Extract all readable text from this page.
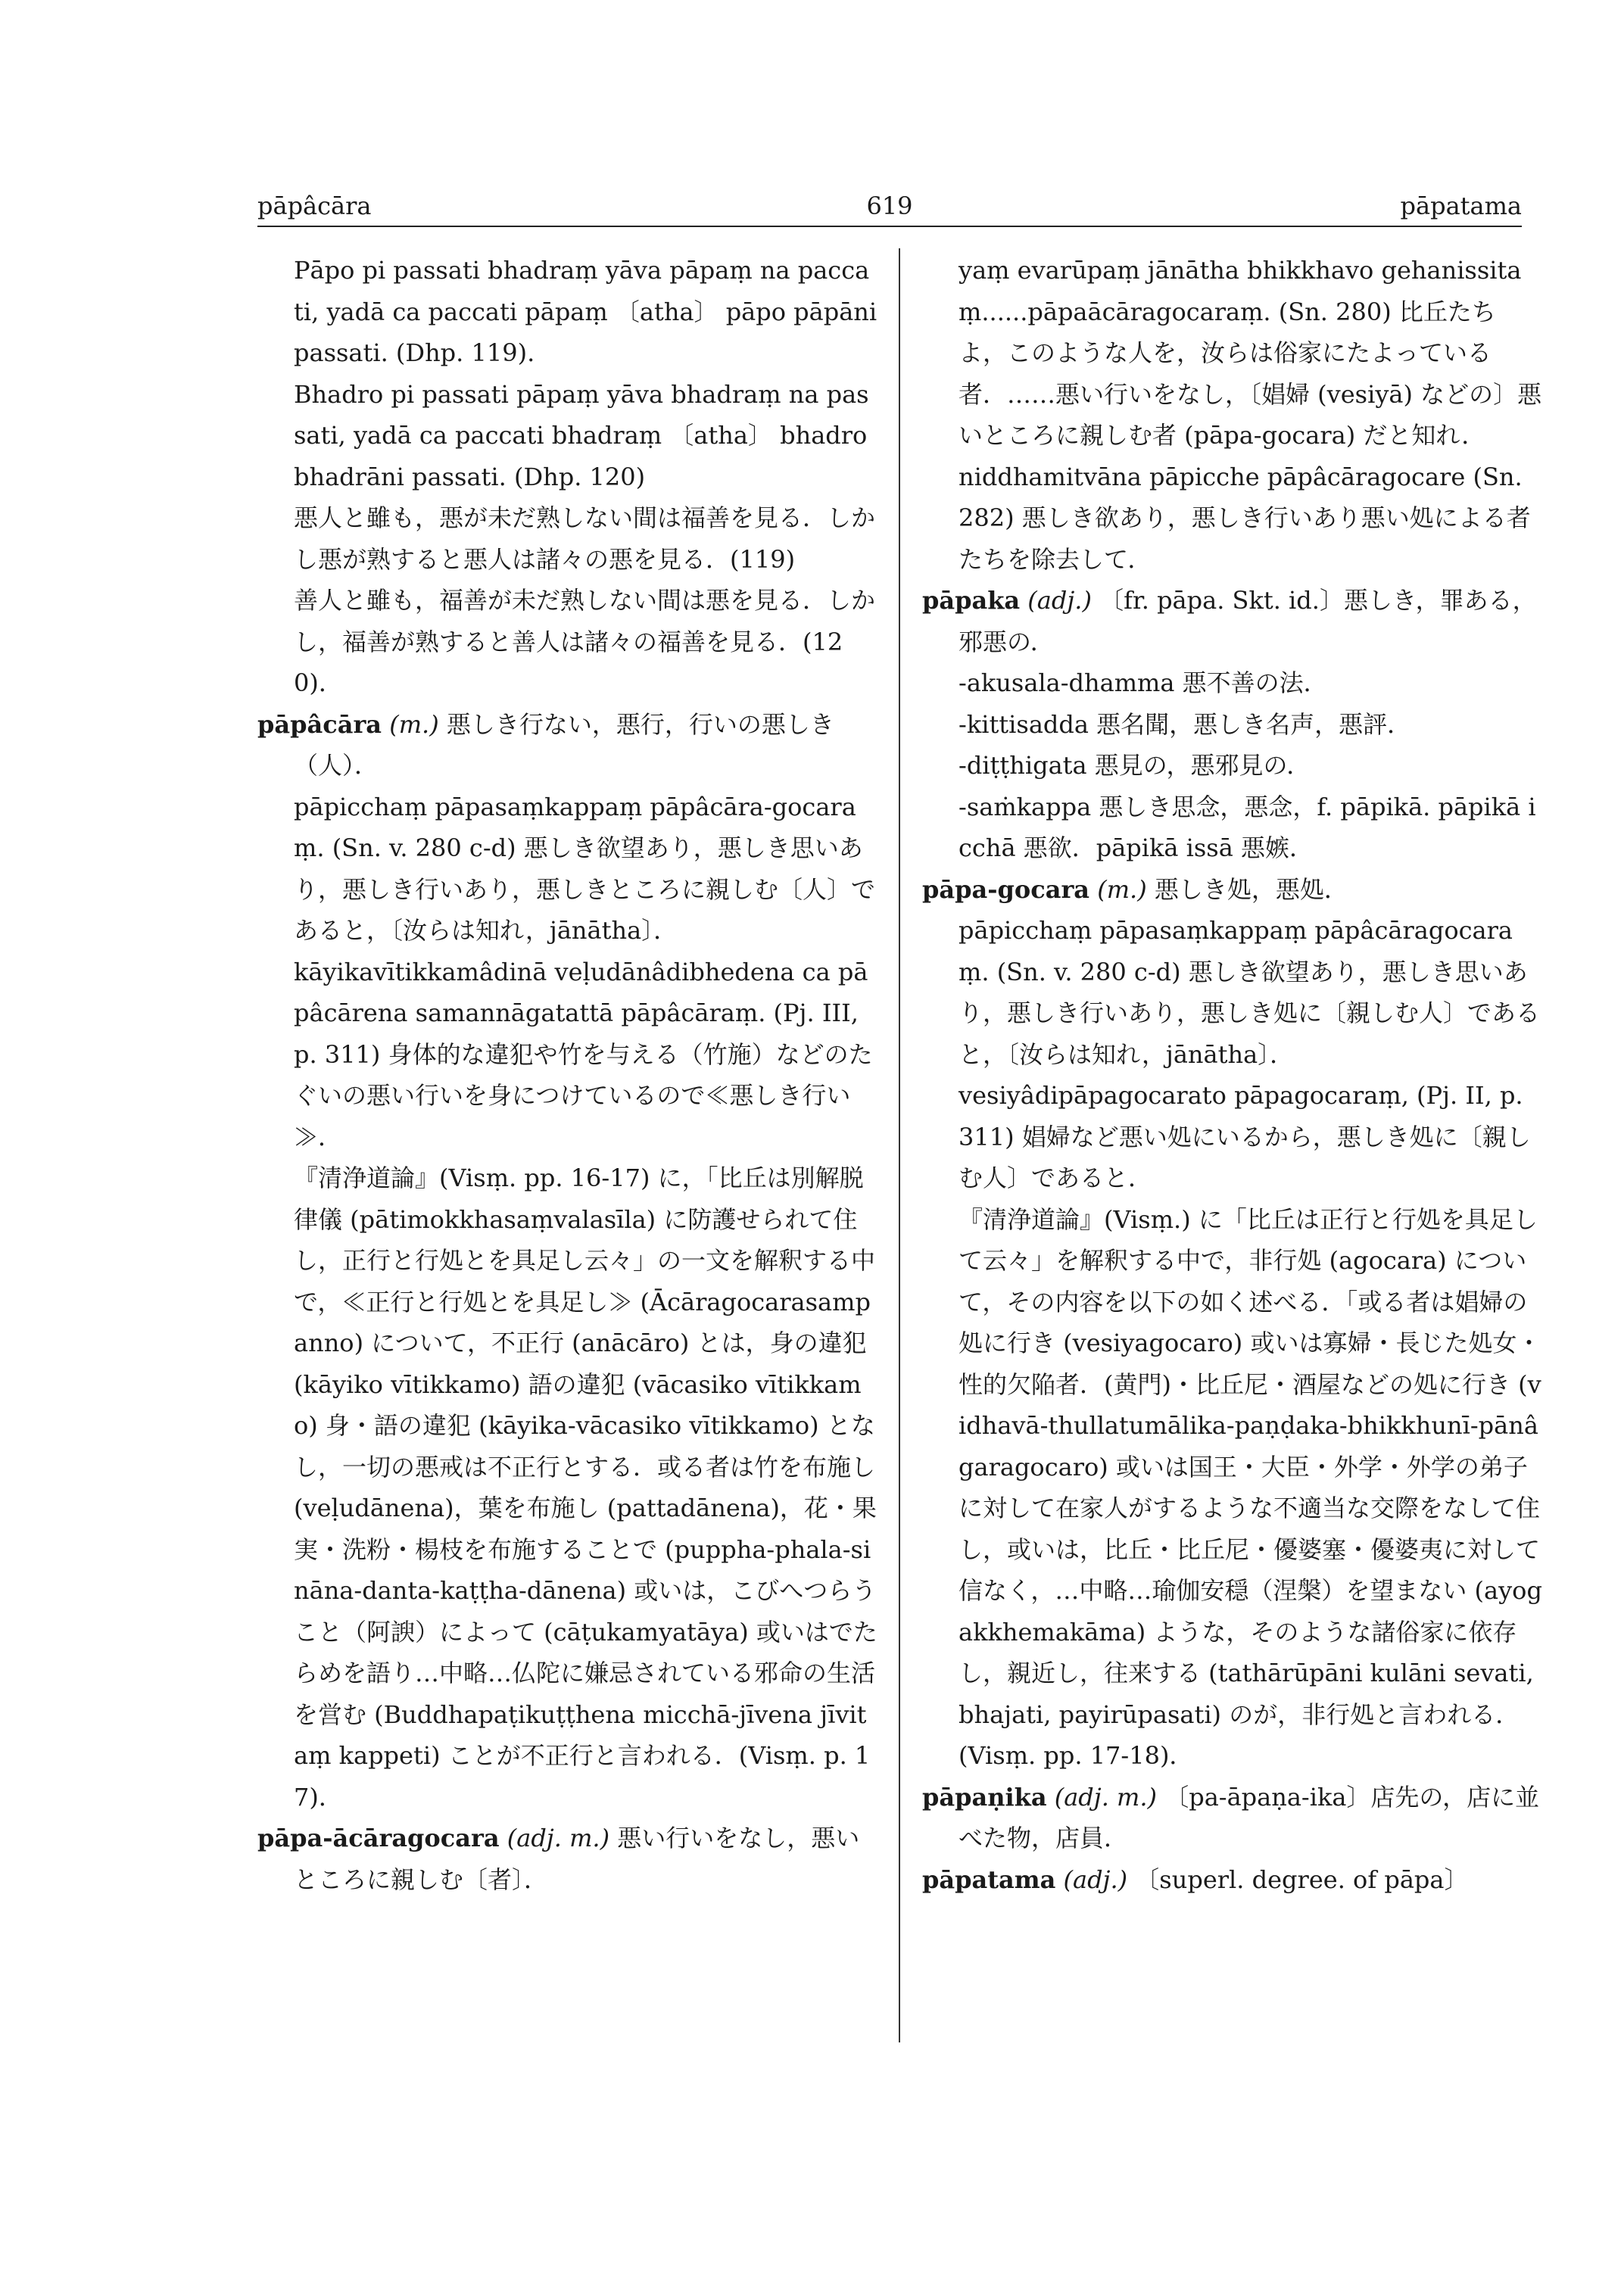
pāpâcāra	619	pāpatama

Pāpo pi passati bhadraṃ yāva pāpaṃ na paccati, yadā ca paccati pāpaṃ 〔atha〕 pāpo pāpāni passati. (Dhp. 119).

Bhadro pi passati pāpaṃ yāva bhadraṃ na passati, yadā ca paccati bhadraṃ 〔atha〕 bhadro bhadrāni passati. (Dhp. 120)

悪人と雖も，悪が未だ熟しない間は福善を見る．しかし悪が熟すると悪人は諸々の悪を見る．(119)

善人と雖も，福善が未だ熟しない間は悪を見る．しかし，福善が熟すると善人は諸々の福善を見る．(120)．

pāpâcāra (m.) 悪しき行ない，悪行，行いの悪しき（人）．

pāpicchaṃ pāpasaṃkappaṃ pāpâcāra-gocaraṃ. (Sn. v. 280 c-d) 悪しき欲望あり，悪しき思いあり，悪しき行いあり，悪しきところに親しむ〔人〕であると，〔汝らは知れ，jānātha〕．

kāyikavītikkamâdinā veḷudānâdibhedena ca pāpâcārena samannāgatattā pāpâcāraṃ. (Pj. III, p. 311) 身体的な違犯や竹を与える（竹施）などのたぐいの悪い行いを身につけているので≪悪しき行い≫．

『清浄道論』(Visṃ. pp. 16-17) に，「比丘は別解脱律儀 (pātimokkhasaṃvalasīla) に防護せられて住し，正行と行処とを具足し云々」の一文を解釈する中で，≪正行と行処とを具足し≫ (Ācāragocarasampanno) について，不正行 (anācāro) とは，身の違犯 (kāyiko vītikkamo) 語の違犯 (vācasiko vītikkamo) 身・語の違犯 (kāyika-vācasiko vītikkamo) となし，一切の悪戒は不正行とする．或る者は竹を布施し (veḷudānena)，葉を布施し (pattadānena)，花・果実・洗粉・楊枝を布施することで (puppha-phala-sināna-danta-kaṭṭha-dānena) 或いは，こびへつらうこと（阿諛）によって (cāṭukamyatāya) 或いはでたらめを語り…中略…仏陀に嫌忌されている邪命の生活を営む (Buddhapaṭikuṭṭhena micchā-jīvena jīvitaṃ kappeti) ことが不正行と言われる．(Visṃ. p. 17)．

pāpa-ācāragocara (adj. m.) 悪い行いをなし，悪いところに親しむ〔者〕．

yaṃ evarūpaṃ jānātha bhikkhavo gehanissitaṃ......pāpaācāragocaraṃ. (Sn. 280) 比丘たちよ，このような人を，汝らは俗家にたよっている者．……悪い行いをなし，〔娼婦 (vesiyā) などの〕悪いところに親しむ者 (pāpa-gocara) だと知れ．

niddhamitvāna pāpicche pāpâcāragocare (Sn. 282) 悪しき欲あり，悪しき行いあり悪い処による者たちを除去して．

pāpaka (adj.) 〔fr. pāpa. Skt. id.〕悪しき，罪ある，邪悪の．

-akusala-dhamma 悪不善の法．

-kittisadda 悪名聞，悪しき名声，悪評．

-diṭṭhigata 悪見の，悪邪見の．

-saṁkappa 悪しき思念，悪念，f. pāpikā. pāpikā icchā 悪欲．pāpikā issā 悪嫉．

pāpa-gocara (m.) 悪しき処，悪処．

pāpicchaṃ pāpasaṃkappaṃ pāpâcāragocaraṃ. (Sn. v. 280 c-d) 悪しき欲望あり，悪しき思いあり，悪しき行いあり，悪しき処に〔親しむ人〕であると，〔汝らは知れ，jānātha〕．

vesiyâdipāpagocarato pāpagocaraṃ, (Pj. II, p. 311) 娼婦など悪い処にいるから，悪しき処に〔親しむ人〕であると．

『清浄道論』(Visṃ.) に「比丘は正行と行処を具足して云々」を解釈する中で，非行処 (agocara) について，その内容を以下の如く述べる．「或る者は娼婦の処に行き (vesiyagocaro) 或いは寡婦・長じた処女・性的欠陥者．(黄門)・比丘尼・酒屋などの処に行き (vidhavā-thullatumālika-paṇḍaka-bhikkhunī-pānâgaragocaro) 或いは国王・大臣・外学・外学の弟子に対して在家人がするような不適当な交際をなして住し，或いは，比丘・比丘尼・優婆塞・優婆夷に対して信なく，…中略…瑜伽安穏（涅槃）を望まない (ayogakkhemakāma) ような，そのような諸俗家に依存し，親近し，往来する (tathārūpāni kulāni sevati, bhajati, payirūpasati) のが，非行処と言われる．(Visṃ. pp. 17-18)．

pāpaṇika (adj. m.) 〔pa-āpaṇa-ika〕店先の，店に並べた物，店員．

pāpatama (adj.) 〔superl. degree. of pāpa〕
